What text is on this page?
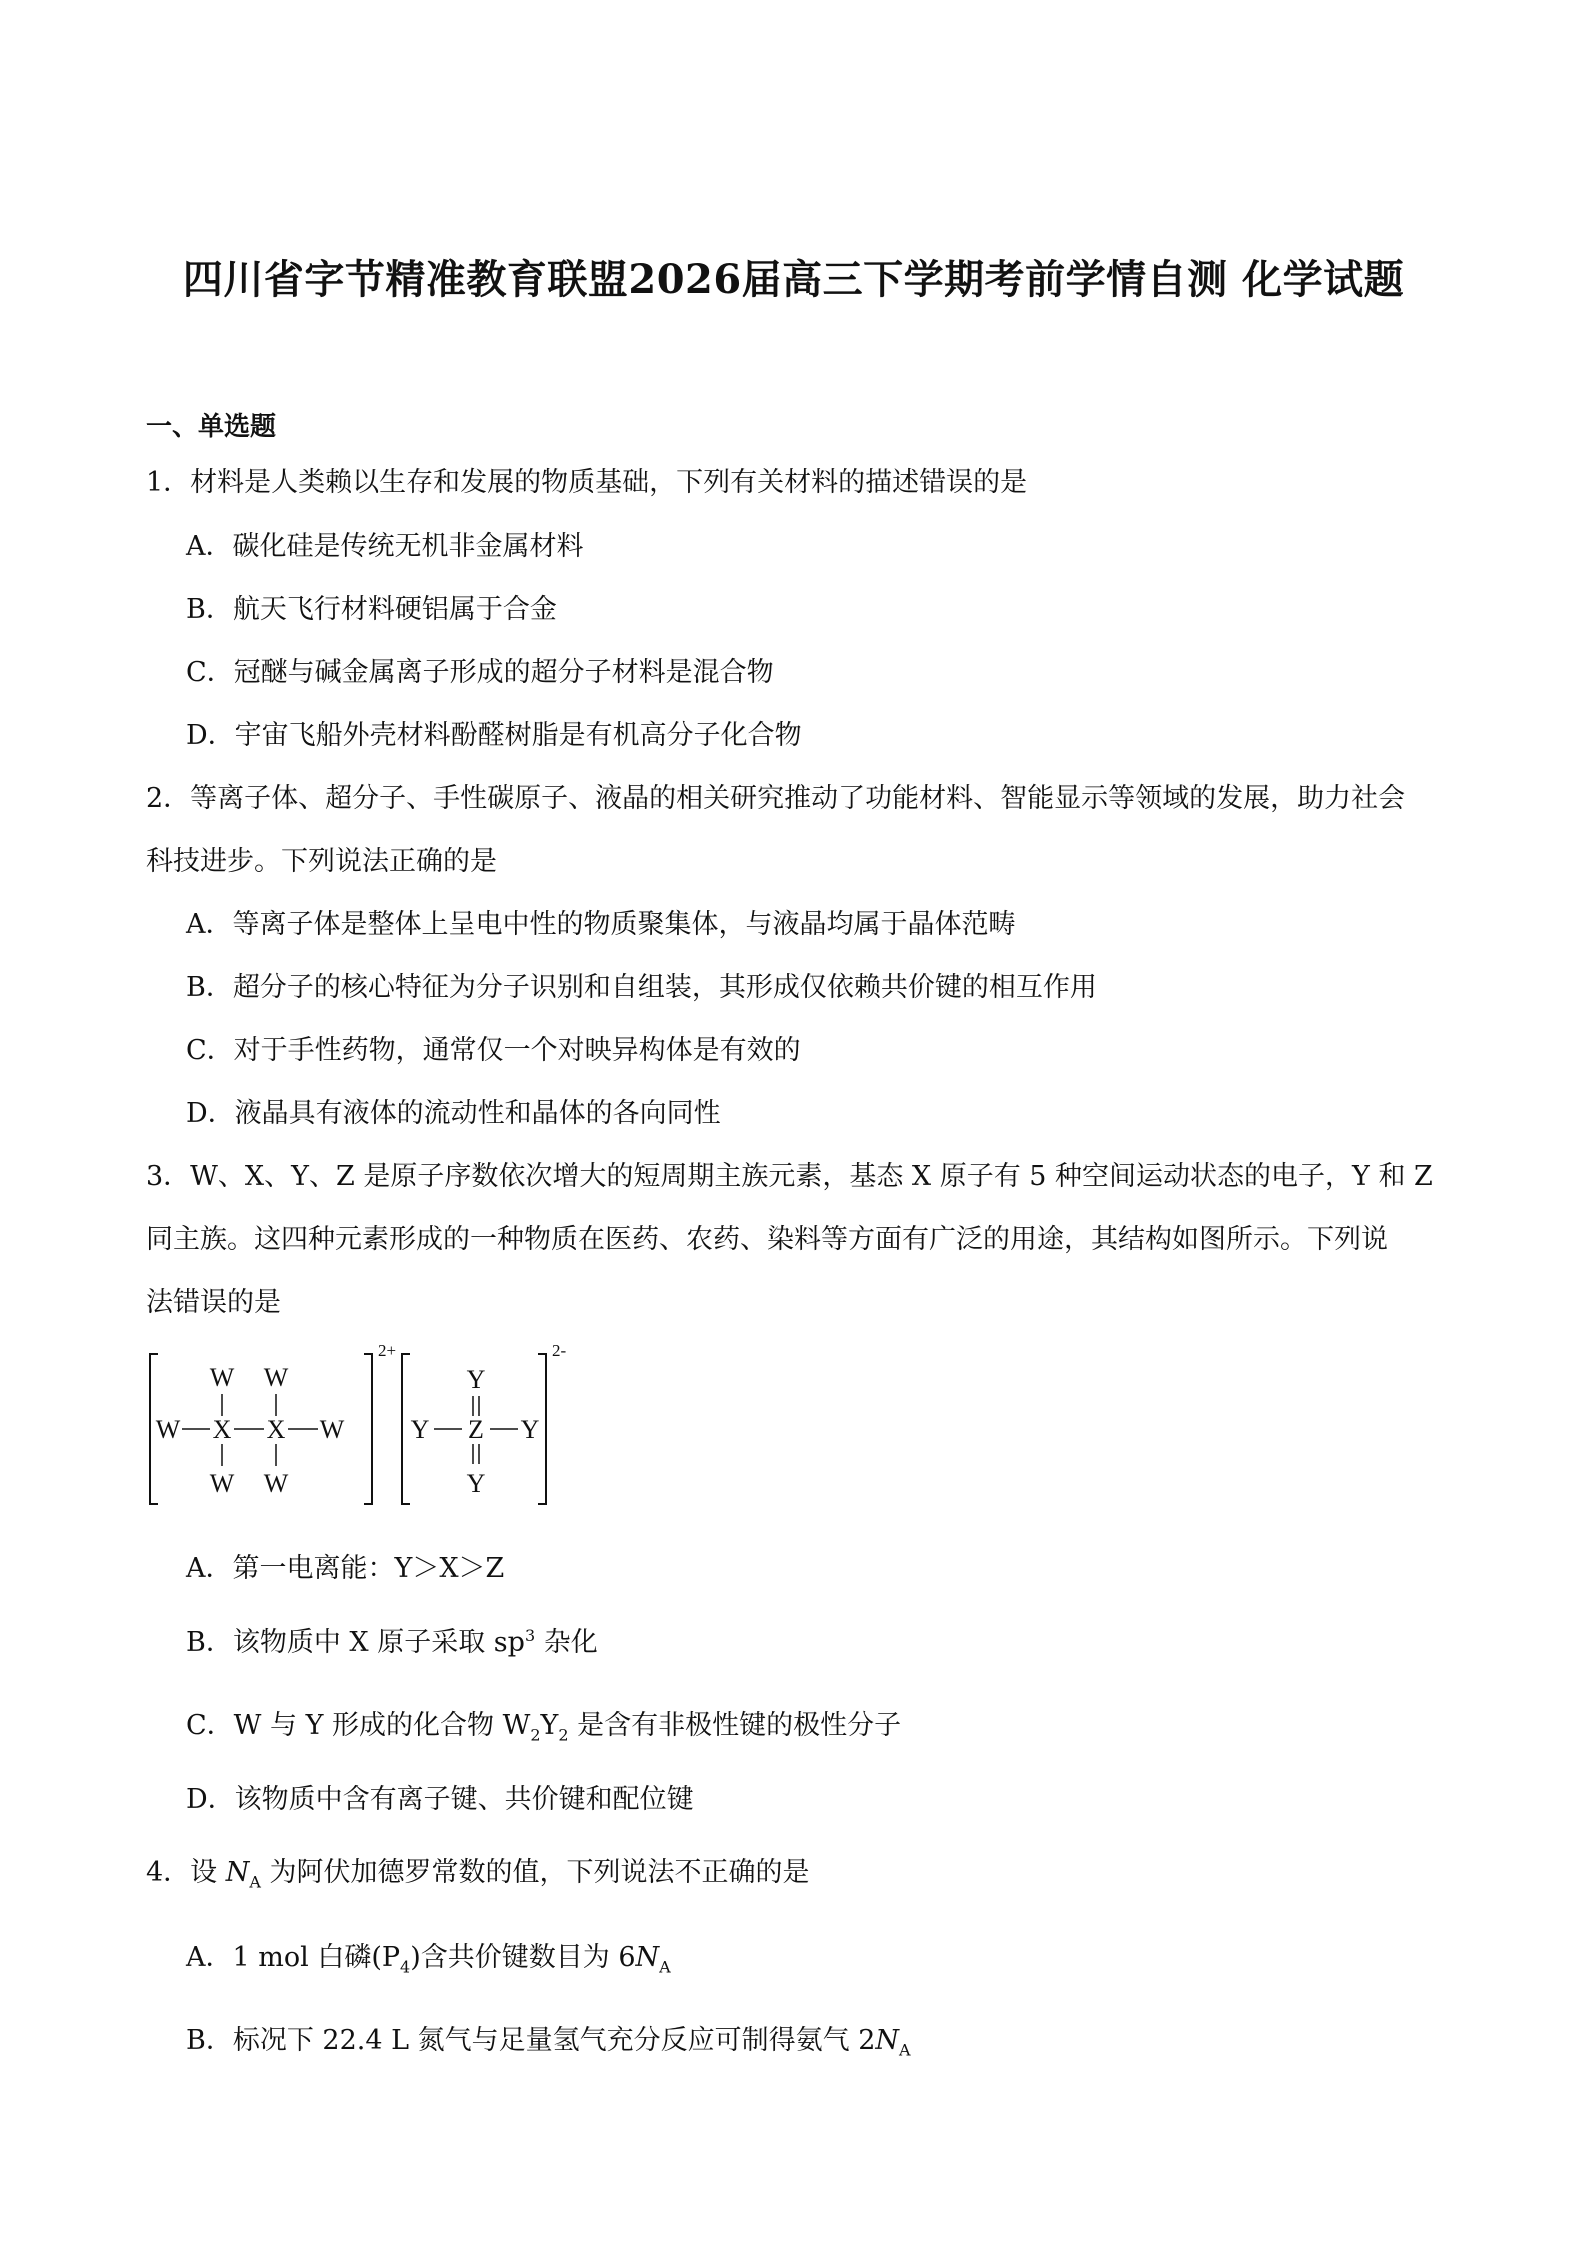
四川省字节精准教育联盟2026届高三下学期考前学情自测 化学试题
一、单选题
1．材料是人类赖以生存和发展的物质基础，下列有关材料的描述错误的是
A．碳化硅是传统无机非金属材料
B．航天飞行材料硬铝属于合金
C．冠醚与碱金属离子形成的超分子材料是混合物
D．宇宙飞船外壳材料酚醛树脂是有机高分子化合物
2．等离子体、超分子、手性碳原子、液晶的相关研究推动了功能材料、智能显示等领域的发展，助力社会
科技进步。下列说法正确的是
A．等离子体是整体上呈电中性的物质聚集体，与液晶均属于晶体范畴
B．超分子的核心特征为分子识别和自组装，其形成仅依赖共价键的相互作用
C．对于手性药物，通常仅一个对映异构体是有效的
D．液晶具有液体的流动性和晶体的各向同性
3．W、X、Y、Z 是原子序数依次增大的短周期主族元素，基态 X 原子有 5 种空间运动状态的电子，Y 和 Z
同主族。这四种元素形成的一种物质在医药、农药、染料等方面有广泛的用途，其结构如图所示。下列说
法错误的是
2+
W W
W X X W
W W
2-
Y
Y Z Y
Y
A．第一电离能：Y＞X＞Z
B．该物质中 X 原子采取 $sp^3$ 杂化
C．W 与 Y 形成的化合物 $W_2Y_2$ 是含有非极性键的极性分子
D．该物质中含有离子键、共价键和配位键
4．设 $N_A$ 为阿伏加德罗常数的值，下列说法不正确的是
A．1 mol 白磷$(P_4)$含共价键数目为 $6N_A$
B．标况下 22.4 L 氮气与足量氢气充分反应可制得氨气 $2N_A$
